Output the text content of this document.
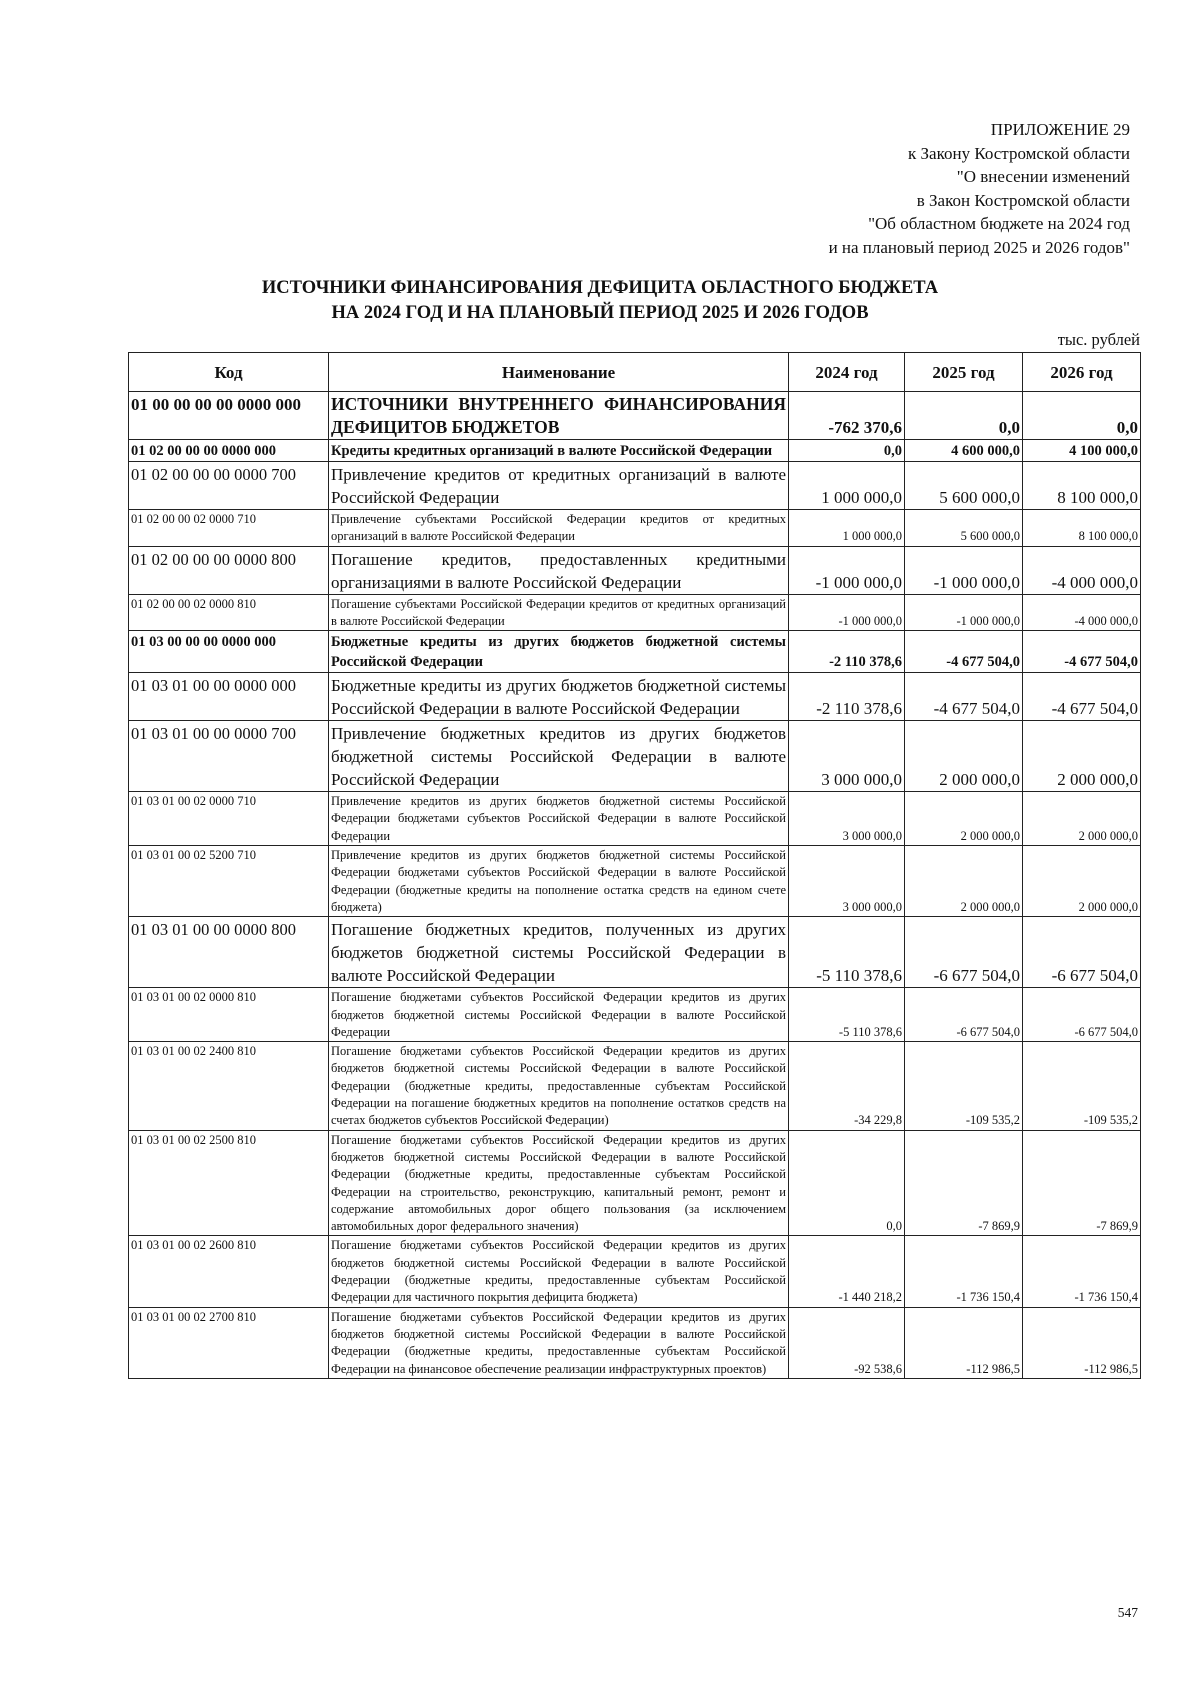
ПРИЛОЖЕНИЕ 29
к Закону Костромской области
"О внесении изменений
в Закон Костромской области
"Об областном бюджете на 2024 год
и на плановый период 2025 и 2026 годов"
ИСТОЧНИКИ ФИНАНСИРОВАНИЯ ДЕФИЦИТА ОБЛАСТНОГО БЮДЖЕТА
НА 2024 ГОД И НА ПЛАНОВЫЙ ПЕРИОД 2025 И 2026 ГОДОВ
тыс. рублей
Код	Наименование	2024 год	2025 год	2026 год
01 00 00 00 00 0000 000	ИСТОЧНИКИ ВНУТРЕННЕГО ФИНАНСИРОВАНИЯ ДЕФИЦИТОВ БЮДЖЕТОВ	-762 370,6	0,0	0,0
01 02 00 00 00 0000 000	Кредиты кредитных организаций в валюте Российской Федерации	0,0	4 600 000,0	4 100 000,0
01 02 00 00 00 0000 700	Привлечение кредитов от кредитных организаций в валюте Российской Федерации	1 000 000,0	5 600 000,0	8 100 000,0
01 02 00 00 02 0000 710	Привлечение субъектами Российской Федерации кредитов от кредитных организаций в валюте Российской Федерации	1 000 000,0	5 600 000,0	8 100 000,0
01 02 00 00 00 0000 800	Погашение кредитов, предоставленных кредитными организациями в валюте Российской Федерации	-1 000 000,0	-1 000 000,0	-4 000 000,0
01 02 00 00 02 0000 810	Погашение субъектами Российской Федерации кредитов от кредитных организаций в валюте Российской Федерации	-1 000 000,0	-1 000 000,0	-4 000 000,0
01 03 00 00 00 0000 000	Бюджетные кредиты из других бюджетов бюджетной системы Российской Федерации	-2 110 378,6	-4 677 504,0	-4 677 504,0
01 03 01 00 00 0000 000	Бюджетные кредиты из других бюджетов бюджетной системы Российской Федерации в валюте Российской Федерации	-2 110 378,6	-4 677 504,0	-4 677 504,0
01 03 01 00 00 0000 700	Привлечение бюджетных кредитов из других бюджетов бюджетной системы Российской Федерации в валюте Российской Федерации	3 000 000,0	2 000 000,0	2 000 000,0
01 03 01 00 02 0000 710	Привлечение кредитов из других бюджетов бюджетной системы Российской Федерации бюджетами субъектов Российской Федерации в валюте Российской Федерации	3 000 000,0	2 000 000,0	2 000 000,0
01 03 01 00 02 5200 710	Привлечение кредитов из других бюджетов бюджетной системы Российской Федерации бюджетами субъектов Российской Федерации в валюте Российской Федерации (бюджетные кредиты на пополнение остатка средств на едином счете бюджета)	3 000 000,0	2 000 000,0	2 000 000,0
01 03 01 00 00 0000 800	Погашение бюджетных кредитов, полученных из других бюджетов бюджетной системы Российской Федерации в валюте Российской Федерации	-5 110 378,6	-6 677 504,0	-6 677 504,0
01 03 01 00 02 0000 810	Погашение бюджетами субъектов Российской Федерации кредитов из других бюджетов бюджетной системы Российской Федерации в валюте Российской Федерации	-5 110 378,6	-6 677 504,0	-6 677 504,0
01 03 01 00 02 2400 810	Погашение бюджетами субъектов Российской Федерации кредитов из других бюджетов бюджетной системы Российской Федерации в валюте Российской Федерации (бюджетные кредиты, предоставленные субъектам Российской Федерации на погашение бюджетных кредитов на пополнение остатков средств на счетах бюджетов субъектов Российской Федерации)	-34 229,8	-109 535,2	-109 535,2
01 03 01 00 02 2500 810	Погашение бюджетами субъектов Российской Федерации кредитов из других бюджетов бюджетной системы Российской Федерации в валюте Российской Федерации (бюджетные кредиты, предоставленные субъектам Российской Федерации на строительство, реконструкцию, капитальный ремонт, ремонт и содержание автомобильных дорог общего пользования (за исключением автомобильных дорог федерального значения)	0,0	-7 869,9	-7 869,9
01 03 01 00 02 2600 810	Погашение бюджетами субъектов Российской Федерации кредитов из других бюджетов бюджетной системы Российской Федерации в валюте Российской Федерации (бюджетные кредиты, предоставленные субъектам Российской Федерации для частичного покрытия дефицита бюджета)	-1 440 218,2	-1 736 150,4	-1 736 150,4
01 03 01 00 02 2700 810	Погашение бюджетами субъектов Российской Федерации кредитов из других бюджетов бюджетной системы Российской Федерации в валюте Российской Федерации (бюджетные кредиты, предоставленные субъектам Российской Федерации на финансовое обеспечение реализации инфраструктурных проектов)	-92 538,6	-112 986,5	-112 986,5
547
